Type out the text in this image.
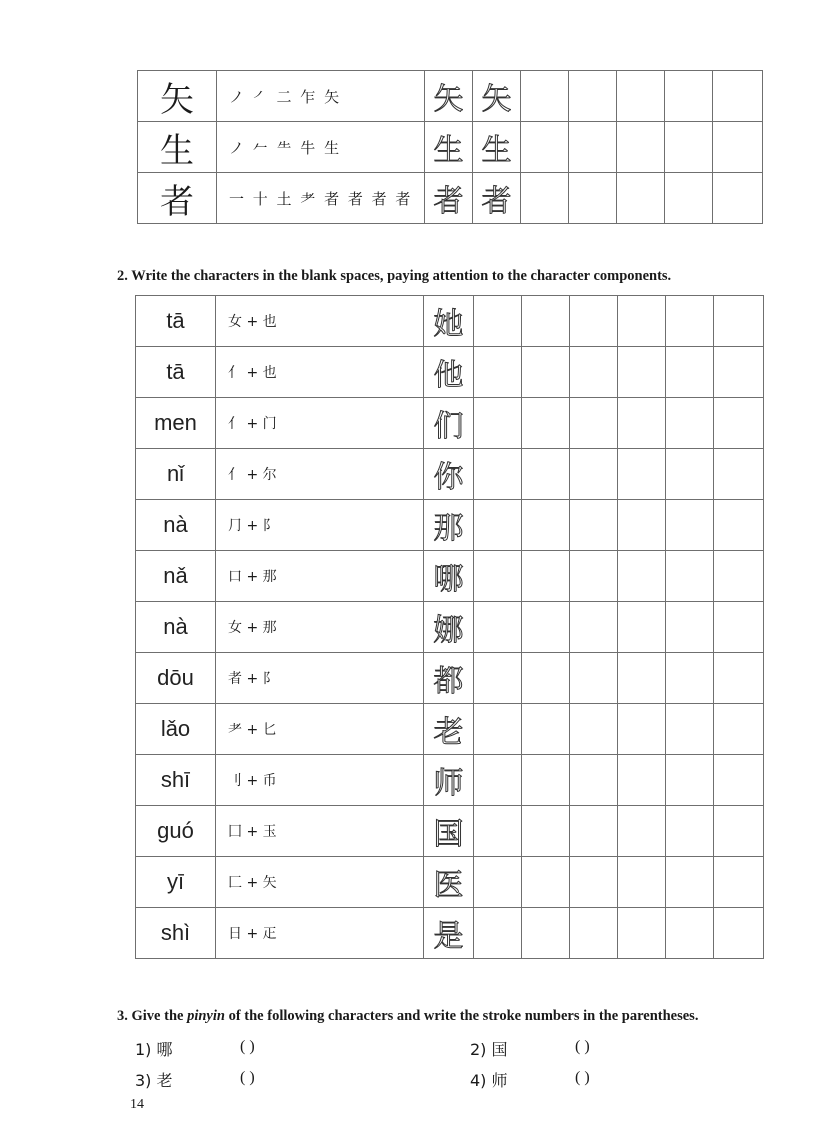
矢	ノ ㇒ 二 乍 矢	矢	矢					
生	ノ 𠂉 ⺧ 牛 生	生	生					
者	一 十 土 耂 者 者 者 者	者	者					
2. Write the characters in the blank spaces, paying attention to the character components.
tā	女 + 也	她						
tā	亻 + 也	他						
men	亻 + 门	们						
nǐ	亻 + 尔	你						
nà	⺆ + 阝	那						
nǎ	口 + 那	哪						
nà	女 + 那	娜						
dōu	者 + 阝	都						
lǎo	耂 + 匕	老						
shī	刂 + 币	师						
guó	囗 + 玉	国						
yī	匚 + 矢	医						
shì	日 + 𤴓	是						
3. Give the pinyin of the following characters and write the stroke numbers in the parentheses.
1) 哪	( )	2) 国	( )
3) 老	( )	4) 师	( )
14
